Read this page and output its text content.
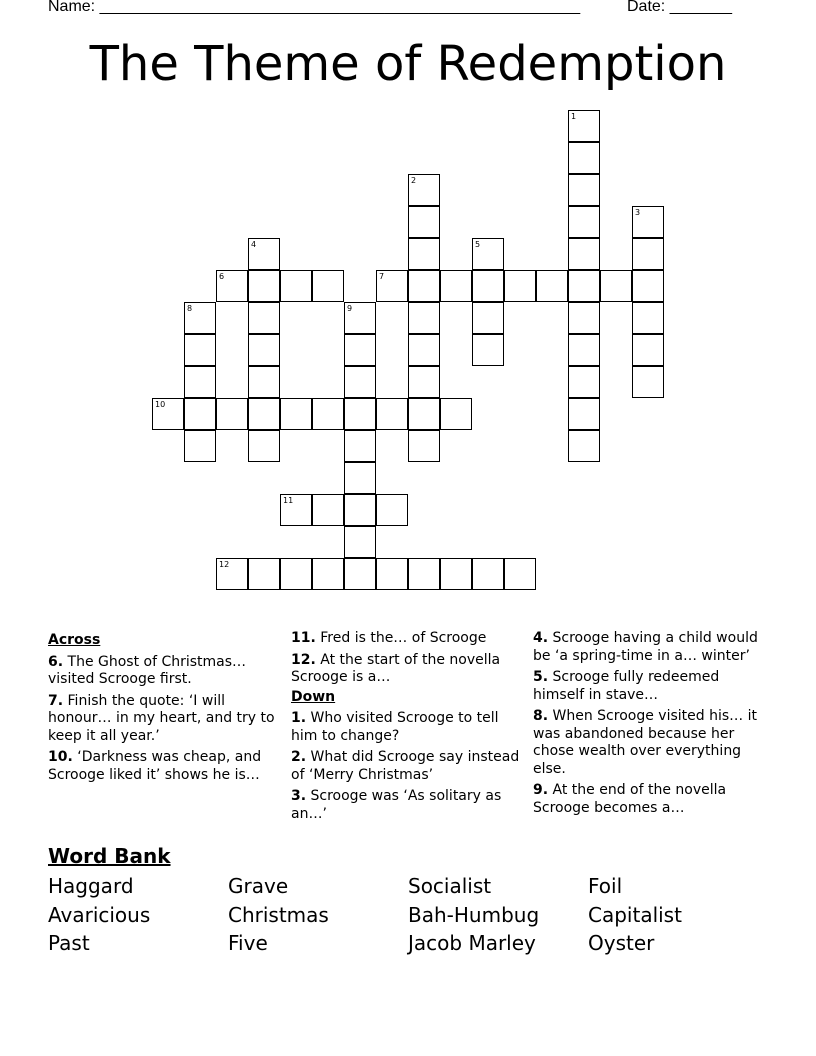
Name: ______________________________________________________	Date: _______
The Theme of Redemption
1
2
3
4	5
6	7
8	9
10
11
12
Across
6. The Ghost of Christmas… visited Scrooge first.
7. Finish the quote: ‘I will honour… in my heart, and try to keep it all year.’
10. ‘Darkness was cheap, and Scrooge liked it’ shows he is…
11. Fred is the… of Scrooge
12. At the start of the novella Scrooge is a…
Down
1. Who visited Scrooge to tell him to change?
2. What did Scrooge say instead of ‘Merry Christmas’
3. Scrooge was ‘As solitary as an…’
4. Scrooge having a child would be ‘a spring-time in a… winter’
5. Scrooge fully redeemed himself in stave…
8. When Scrooge visited his… it was abandoned because her chose wealth over everything else.
9. At the end of the novella Scrooge becomes a…
Word Bank
Haggard	Grave	Socialist	Foil
Avaricious	Christmas	Bah-Humbug	Capitalist
Past	Five	Jacob Marley	Oyster
